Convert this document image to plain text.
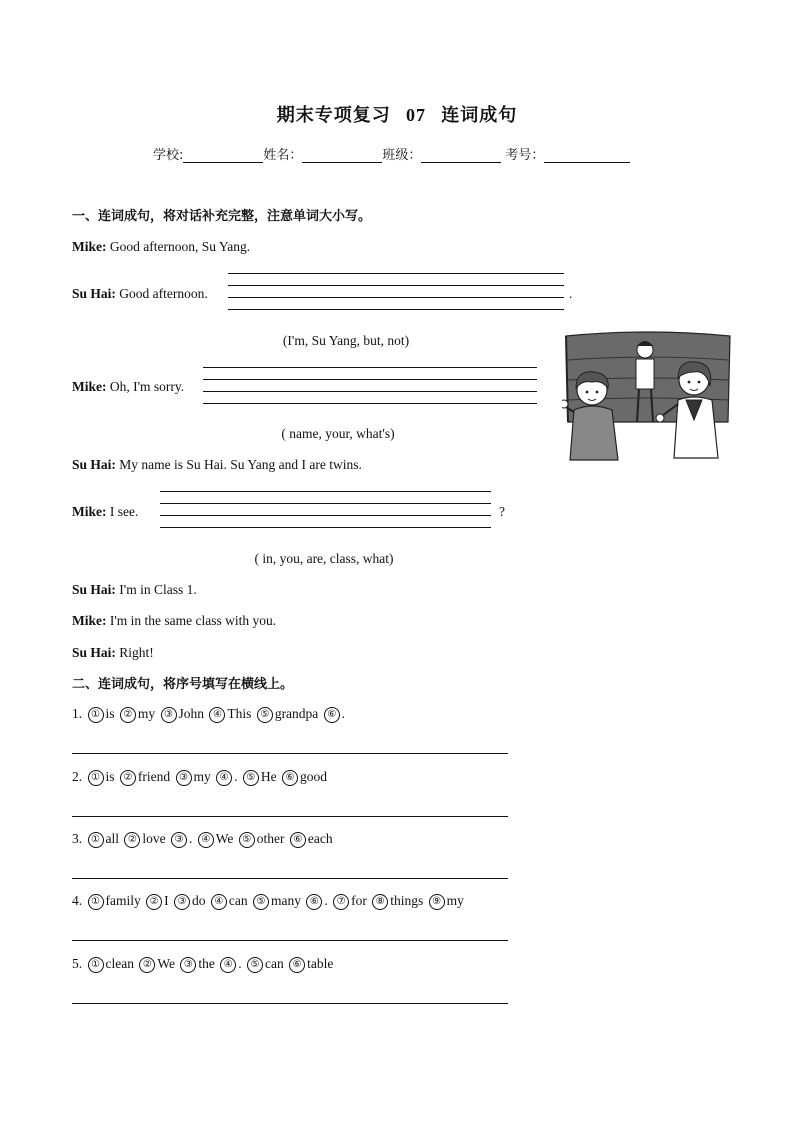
期末专项复习 07 连词成句
学校:	姓名：	班级：	考号：
一、连词成句，将对话补充完整，注意单词大小写。
Mike: Good afternoon, Su Yang.
Su Hai: Good afternoon.	.
(I'm, Su Yang, but, not)
Mike: Oh, I'm sorry.
( name, your, what's)
Su Hai: My name is Su Hai. Su Yang and I are twins.
Mike: I see.	?
( in, you, are, class, what)
Su Hai: I'm in Class 1.
Mike: I'm in the same class with you.
Su Hai: Right!
二、连词成句，将序号填写在横线上。
1. ① is ② my ③ John ④ This ⑤ grandpa ⑥ .
2. ① is ② friend ③ my ④ . ⑤ He ⑥ good
3. ① all ② love ③ . ④ We ⑤ other ⑥ each
4. ① family ② I ③ do ④ can ⑤ many ⑥ . ⑦ for ⑧ things ⑨ my
5. ① clean ② We ③ the ④ . ⑤ can ⑥ table
